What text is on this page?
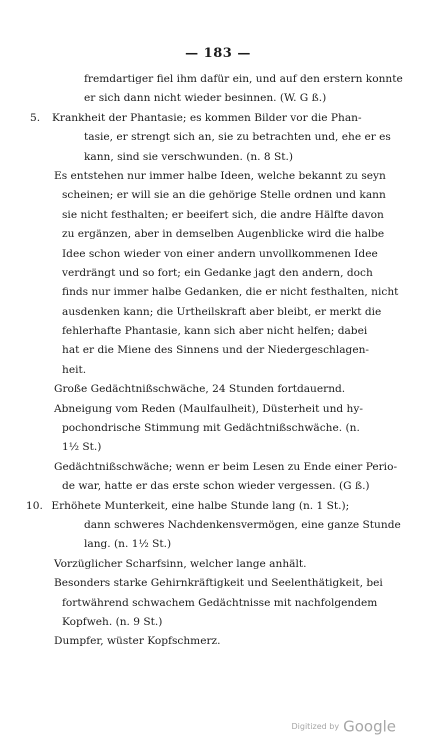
— 183 —
fremdartiger fiel ihm dafür ein, und auf den erstern konnte
er sich dann nicht wieder besinnen. (W. G ß.)
5. Krankheit der Phantasie; es kommen Bilder vor die Phan-
tasie, er strengt sich an, sie zu betrachten und, ehe er es
kann, sind sie verschwunden. (n. 8 St.)
Es entstehen nur immer halbe Ideen, welche bekannt zu seyn
scheinen; er will sie an die gehörige Stelle ordnen und kann
sie nicht festhalten; er beeifert sich, die andre Hälfte davon
zu ergänzen, aber in demselben Augenblicke wird die halbe
Idee schon wieder von einer andern unvollkommenen Idee
verdrängt und so fort; ein Gedanke jagt den andern, doch
finds nur immer halbe Gedanken, die er nicht festhalten, nicht
ausdenken kann; die Urtheilskraft aber bleibt, er merkt die
fehlerhafte Phantasie, kann sich aber nicht helfen; dabei
hat er die Miene des Sinnens und der Niedergeschlagen-
heit.
Große Gedächtnißschwäche, 24 Stunden fortdauernd.
Abneigung vom Reden (Maulfaulheit), Düsterheit und hy-
pochondrische Stimmung mit Gedächtnißschwäche. (n.
1½ St.)
Gedächtnißschwäche; wenn er beim Lesen zu Ende einer Perio-
de war, hatte er das erste schon wieder vergessen. (G ß.)
10. Erhöhete Munterkeit, eine halbe Stunde lang (n. 1 St.);
dann schweres Nachdenkensvermögen, eine ganze Stunde
lang. (n. 1½ St.)
Vorzüglicher Scharfsinn, welcher lange anhält.
Besonders starke Gehirnkräftigkeit und Seelenthätigkeit, bei
fortwährend schwachem Gedächtnisse mit nachfolgendem
Kopfweh. (n. 9 St.)
Dumpfer, wüster Kopfschmerz.
Digitized by Google
